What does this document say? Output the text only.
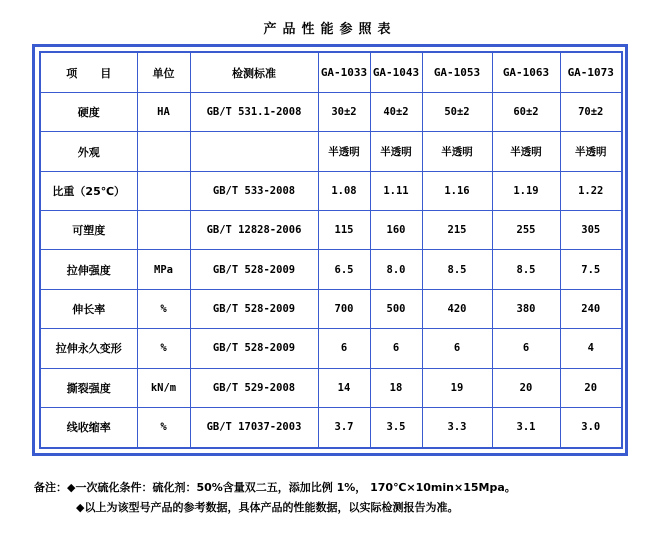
产品性能参照表
项      目	单位	检测标准	GA-1033	GA-1043	GA-1053	GA-1063	GA-1073
硬度	HA	GB/T 531.1-2008	30±2	40±2	50±2	60±2	70±2
外观			半透明	半透明	半透明	半透明	半透明
比重（25℃）		GB/T 533-2008	1.08	1.11	1.16	1.19	1.22
可塑度		GB/T 12828-2006	115	160	215	255	305
拉伸强度	MPa	GB/T 528-2009	6.5	8.0	8.5	8.5	7.5
伸长率	%	GB/T 528-2009	700	500	420	380	240
拉伸永久变形	%	GB/T 528-2009	6	6	6	6	4
撕裂强度	kN/m	GB/T 529-2008	14	18	19	20	20
线收缩率	%	GB/T 17037-2003	3.7	3.5	3.3	3.1	3.0
备注：◆一次硫化条件：硫化剂：50%含量双二五，添加比例 1%， 170℃×10min×15Mpa。
◆以上为该型号产品的参考数据，具体产品的性能数据，以实际检测报告为准。
